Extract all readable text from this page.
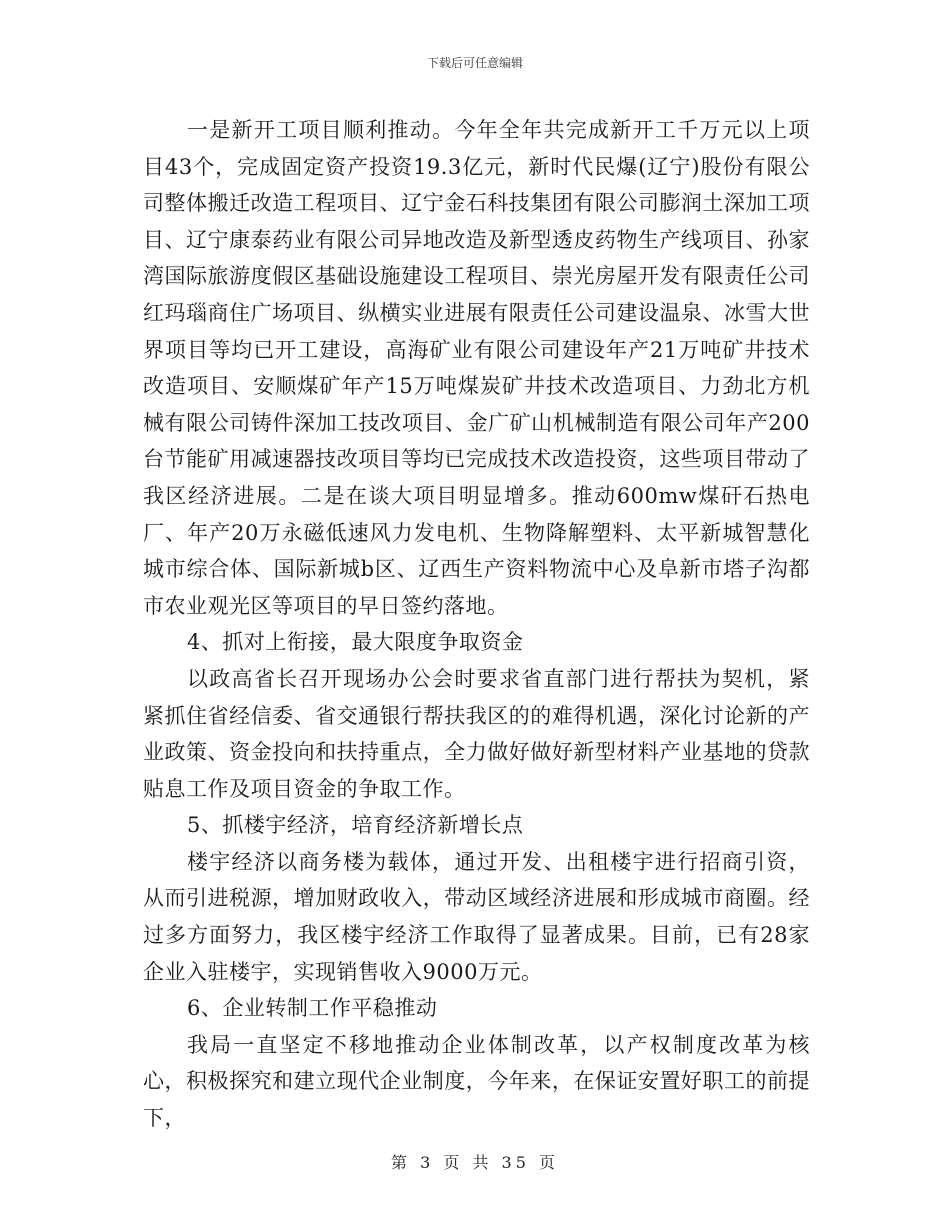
下载后可任意编辑

一是新开工项目顺利推动。今年全年共完成新开工千万元以上项目43个，完成固定资产投资19.3亿元，新时代民爆(辽宁)股份有限公司整体搬迁改造工程项目、辽宁金石科技集团有限公司膨润土深加工项目、辽宁康泰药业有限公司异地改造及新型透皮药物生产线项目、孙家湾国际旅游度假区基础设施建设工程项目、崇光房屋开发有限责任公司红玛瑙商住广场项目、纵横实业进展有限责任公司建设温泉、冰雪大世界项目等均已开工建设，高海矿业有限公司建设年产21万吨矿井技术改造项目、安顺煤矿年产15万吨煤炭矿井技术改造项目、力劲北方机械有限公司铸件深加工技改项目、金广矿山机械制造有限公司年产200台节能矿用减速器技改项目等均已完成技术改造投资，这些项目带动了我区经济进展。二是在谈大项目明显增多。推动600mw煤矸石热电厂、年产20万永磁低速风力发电机、生物降解塑料、太平新城智慧化城市综合体、国际新城b区、辽西生产资料物流中心及阜新市塔子沟都市农业观光区等项目的早日签约落地。

4、抓对上衔接，最大限度争取资金

以政高省长召开现场办公会时要求省直部门进行帮扶为契机，紧紧抓住省经信委、省交通银行帮扶我区的的难得机遇，深化讨论新的产业政策、资金投向和扶持重点，全力做好做好新型材料产业基地的贷款贴息工作及项目资金的争取工作。

5、抓楼宇经济，培育经济新增长点

楼宇经济以商务楼为载体，通过开发、出租楼宇进行招商引资，从而引进税源，增加财政收入，带动区域经济进展和形成城市商圈。经过多方面努力，我区楼宇经济工作取得了显著成果。目前，已有28家企业入驻楼宇，实现销售收入9000万元。

6、企业转制工作平稳推动

我局一直坚定不移地推动企业体制改革，以产权制度改革为核心，积极探究和建立现代企业制度，今年来，在保证安置好职工的前提下，

第 3 页 共 35 页
